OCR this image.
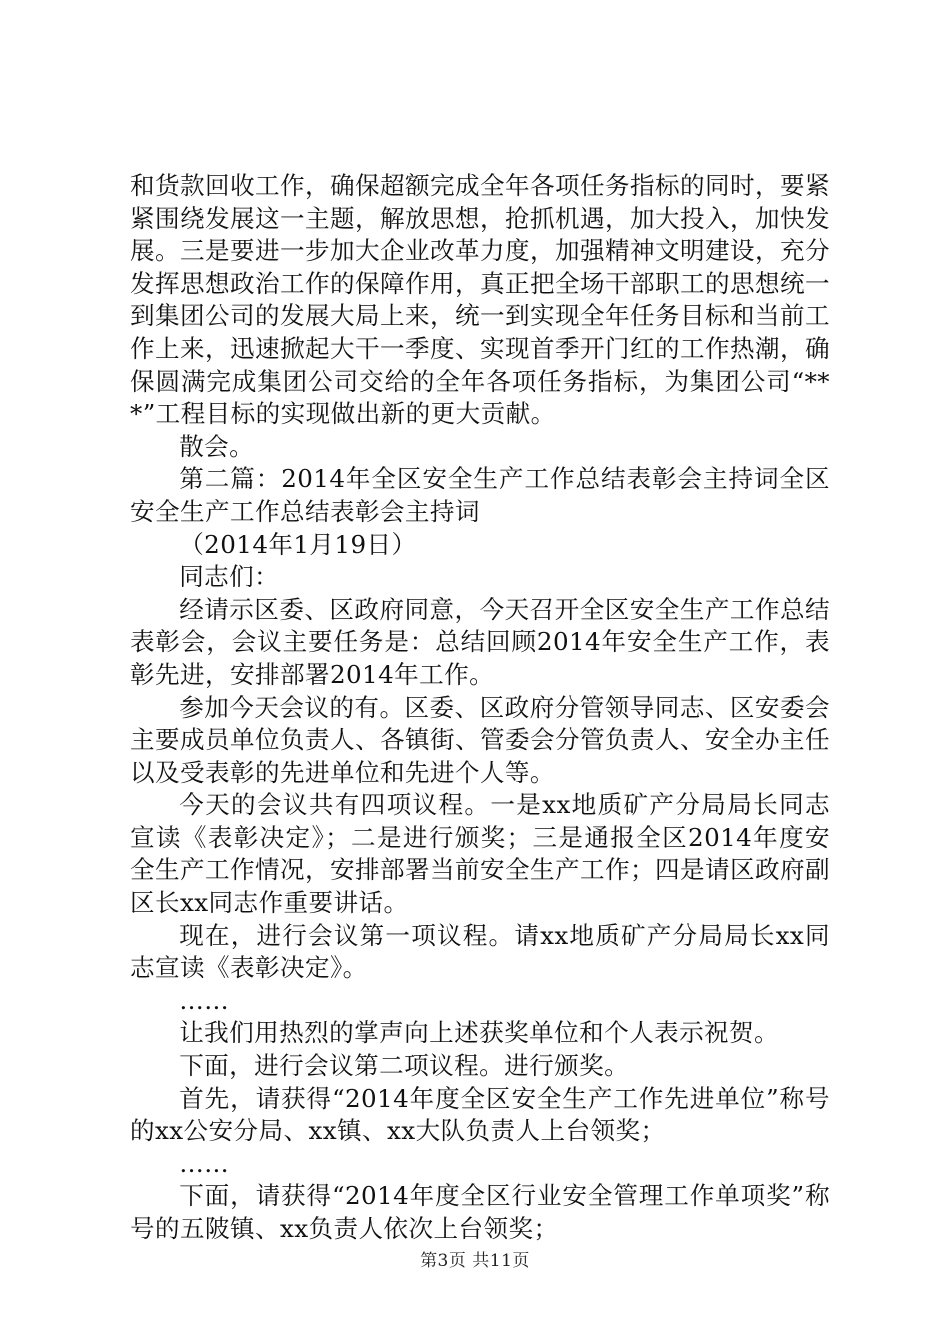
和货款回收工作，确保超额完成全年各项任务指标的同时，要紧紧围绕发展这一主题，解放思想，抢抓机遇，加大投入，加快发展。三是要进一步加大企业改革力度，加强精神文明建设，充分发挥思想政治工作的保障作用，真正把全场干部职工的思想统一到集团公司的发展大局上来，统一到实现全年任务目标和当前工作上来，迅速掀起大干一季度、实现首季开门红的工作热潮，确保圆满完成集团公司交给的全年各项任务指标，为集团公司“***”工程目标的实现做出新的更大贡献。

散会。

第二篇：2014年全区安全生产工作总结表彰会主持词全区安全生产工作总结表彰会主持词

（2014年1月19日）

同志们：

经请示区委、区政府同意，今天召开全区安全生产工作总结表彰会，会议主要任务是：总结回顾2014年安全生产工作，表彰先进，安排部署2014年工作。

参加今天会议的有。区委、区政府分管领导同志、区安委会主要成员单位负责人、各镇街、管委会分管负责人、安全办主任以及受表彰的先进单位和先进个人等。

今天的会议共有四项议程。一是xx地质矿产分局局长同志宣读《表彰决定》；二是进行颁奖；三是通报全区2014年度安全生产工作情况，安排部署当前安全生产工作；四是请区政府副区长xx同志作重要讲话。

现在，进行会议第一项议程。请xx地质矿产分局局长xx同志宣读《表彰决定》。

……

让我们用热烈的掌声向上述获奖单位和个人表示祝贺。

下面，进行会议第二项议程。进行颁奖。

首先，请获得“2014年度全区安全生产工作先进单位”称号的xx公安分局、xx镇、xx大队负责人上台领奖；

……

下面，请获得“2014年度全区行业安全管理工作单项奖”称号的五陂镇、xx负责人依次上台领奖；

第3页 共11页
